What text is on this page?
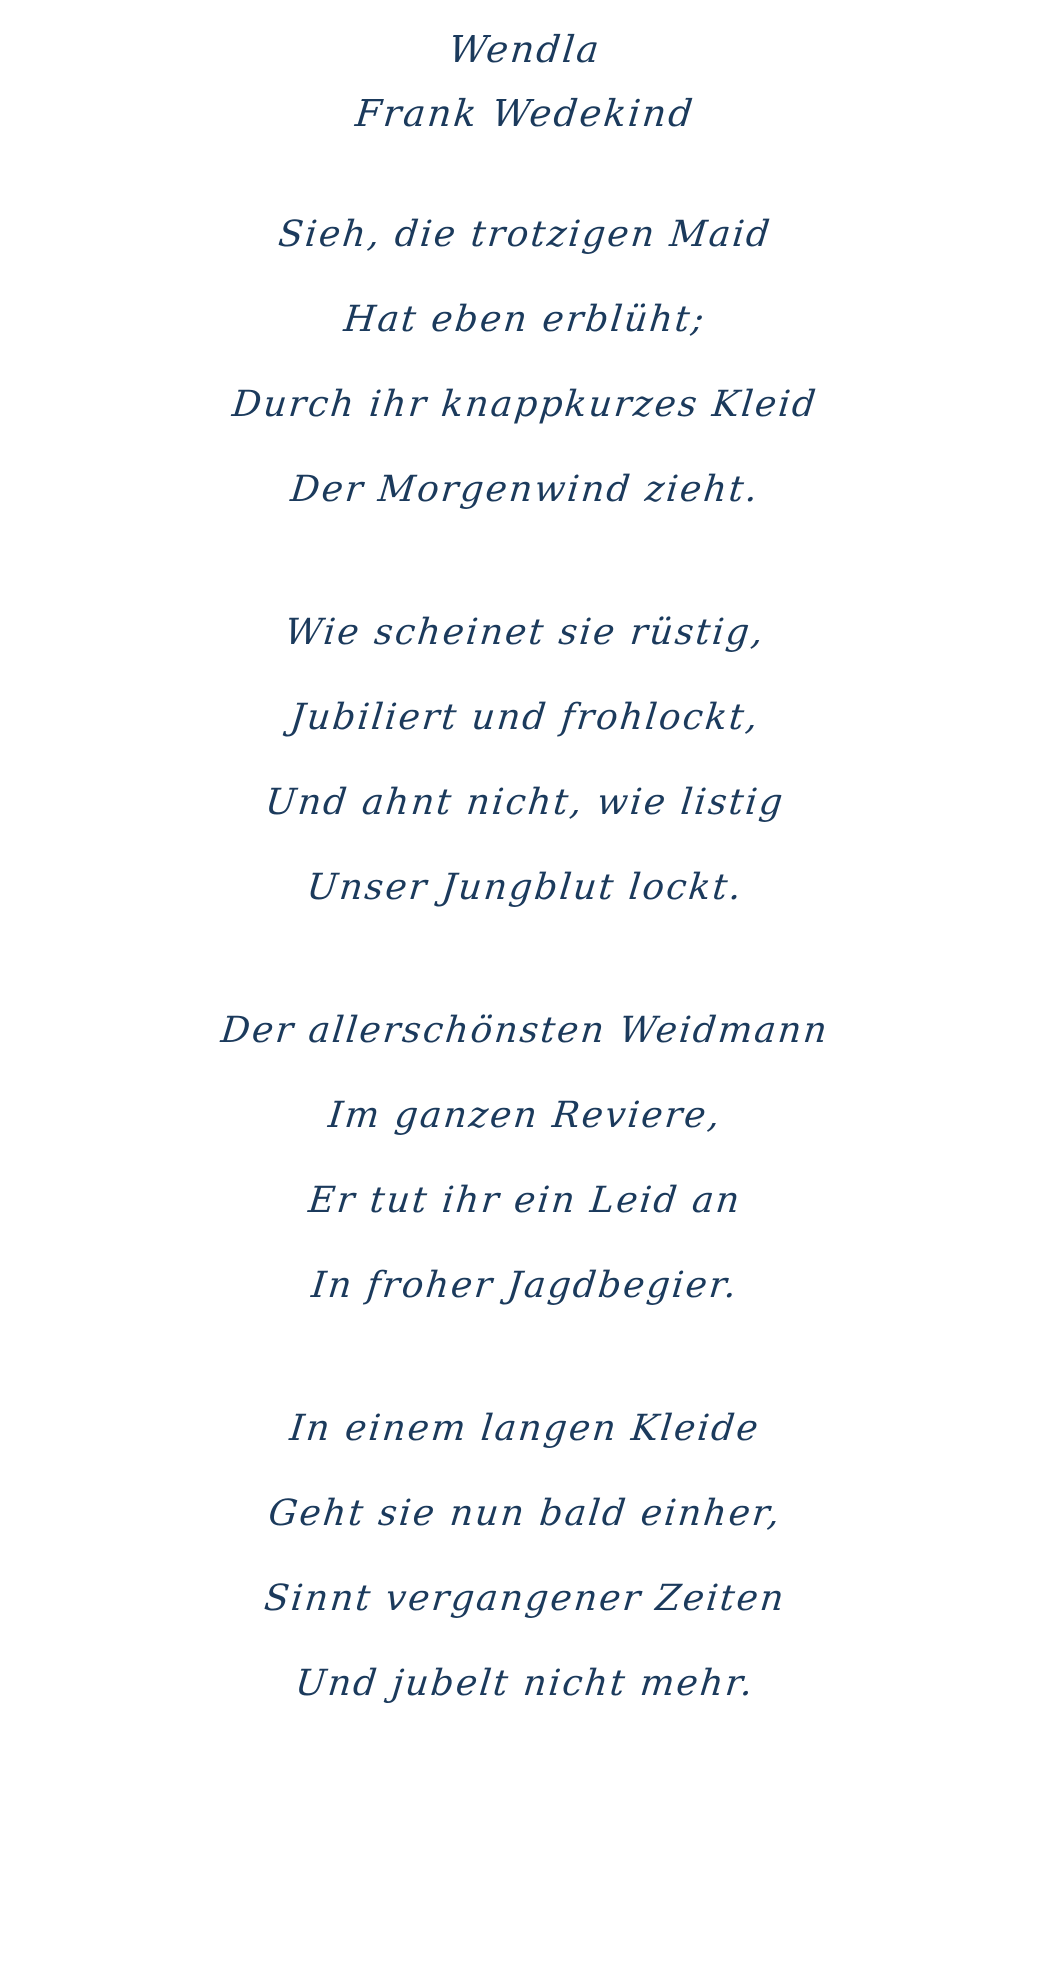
Wendla
Frank Wedekind
Sieh, die trotzigen Maid
Hat eben erblüht;
Durch ihr knappkurzes Kleid
Der Morgenwind zieht.
Wie scheinet sie rüstig,
Jubiliert und frohlockt,
Und ahnt nicht, wie listig
Unser Jungblut lockt.
Der allerschönsten Weidmann
Im ganzen Reviere,
Er tut ihr ein Leid an
In froher Jagdbegier.
In einem langen Kleide
Geht sie nun bald einher,
Sinnt vergangener Zeiten
Und jubelt nicht mehr.
